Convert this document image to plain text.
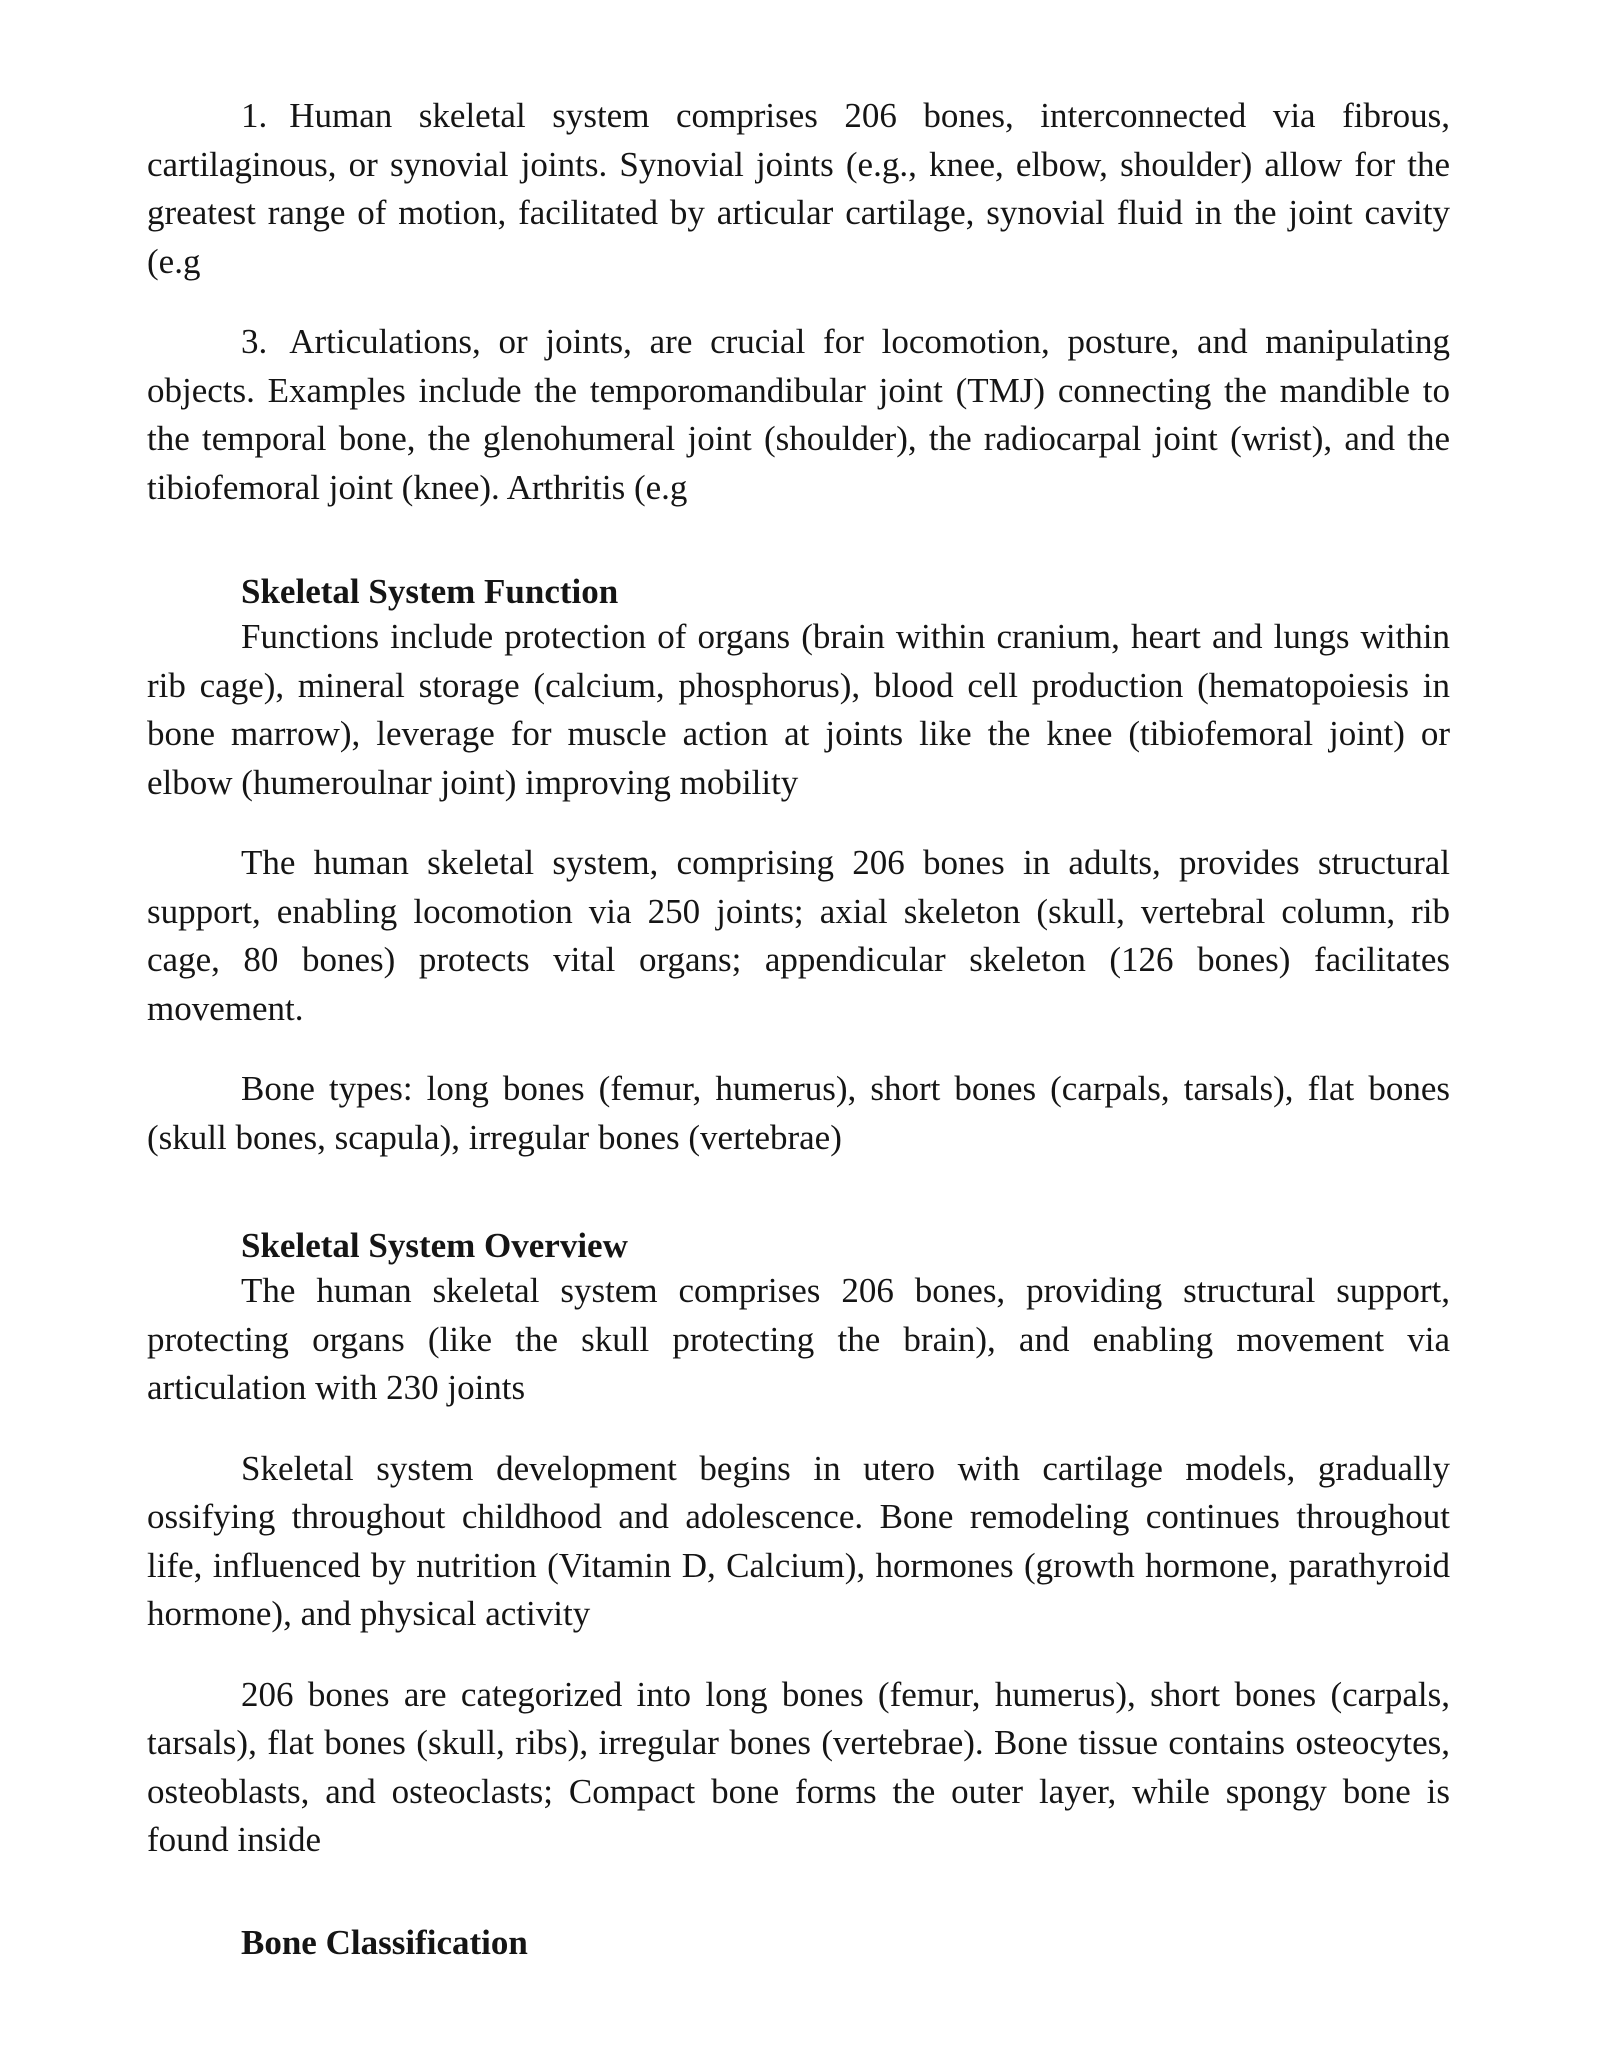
1. Human skeletal system comprises 206 bones, interconnected via fibrous, cartilaginous, or synovial joints. Synovial joints (e.g., knee, elbow, shoulder) allow for the greatest range of motion, facilitated by articular cartilage, synovial fluid in the joint cavity (e.g

3. Articulations, or joints, are crucial for locomotion, posture, and manipulating objects. Examples include the temporomandibular joint (TMJ) connecting the mandible to the temporal bone, the glenohumeral joint (shoulder), the radiocarpal joint (wrist), and the tibiofemoral joint (knee). Arthritis (e.g

Skeletal System Function

Functions include protection of organs (brain within cranium, heart and lungs within rib cage), mineral storage (calcium, phosphorus), blood cell production (hematopoiesis in bone marrow), leverage for muscle action at joints like the knee (tibiofemoral joint) or elbow (humeroulnar joint) improving mobility

The human skeletal system, comprising 206 bones in adults, provides structural support, enabling locomotion via 250 joints; axial skeleton (skull, vertebral column, rib cage, 80 bones) protects vital organs; appendicular skeleton (126 bones) facilitates movement.

Bone types: long bones (femur, humerus), short bones (carpals, tarsals), flat bones (skull bones, scapula), irregular bones (vertebrae)

Skeletal System Overview

The human skeletal system comprises 206 bones, providing structural support, protecting organs (like the skull protecting the brain), and enabling movement via articulation with 230 joints

Skeletal system development begins in utero with cartilage models, gradually ossifying throughout childhood and adolescence. Bone remodeling continues throughout life, influenced by nutrition (Vitamin D, Calcium), hormones (growth hormone, parathyroid hormone), and physical activity

206 bones are categorized into long bones (femur, humerus), short bones (carpals, tarsals), flat bones (skull, ribs), irregular bones (vertebrae). Bone tissue contains osteocytes, osteoblasts, and osteoclasts; Compact bone forms the outer layer, while spongy bone is found inside

Bone Classification
